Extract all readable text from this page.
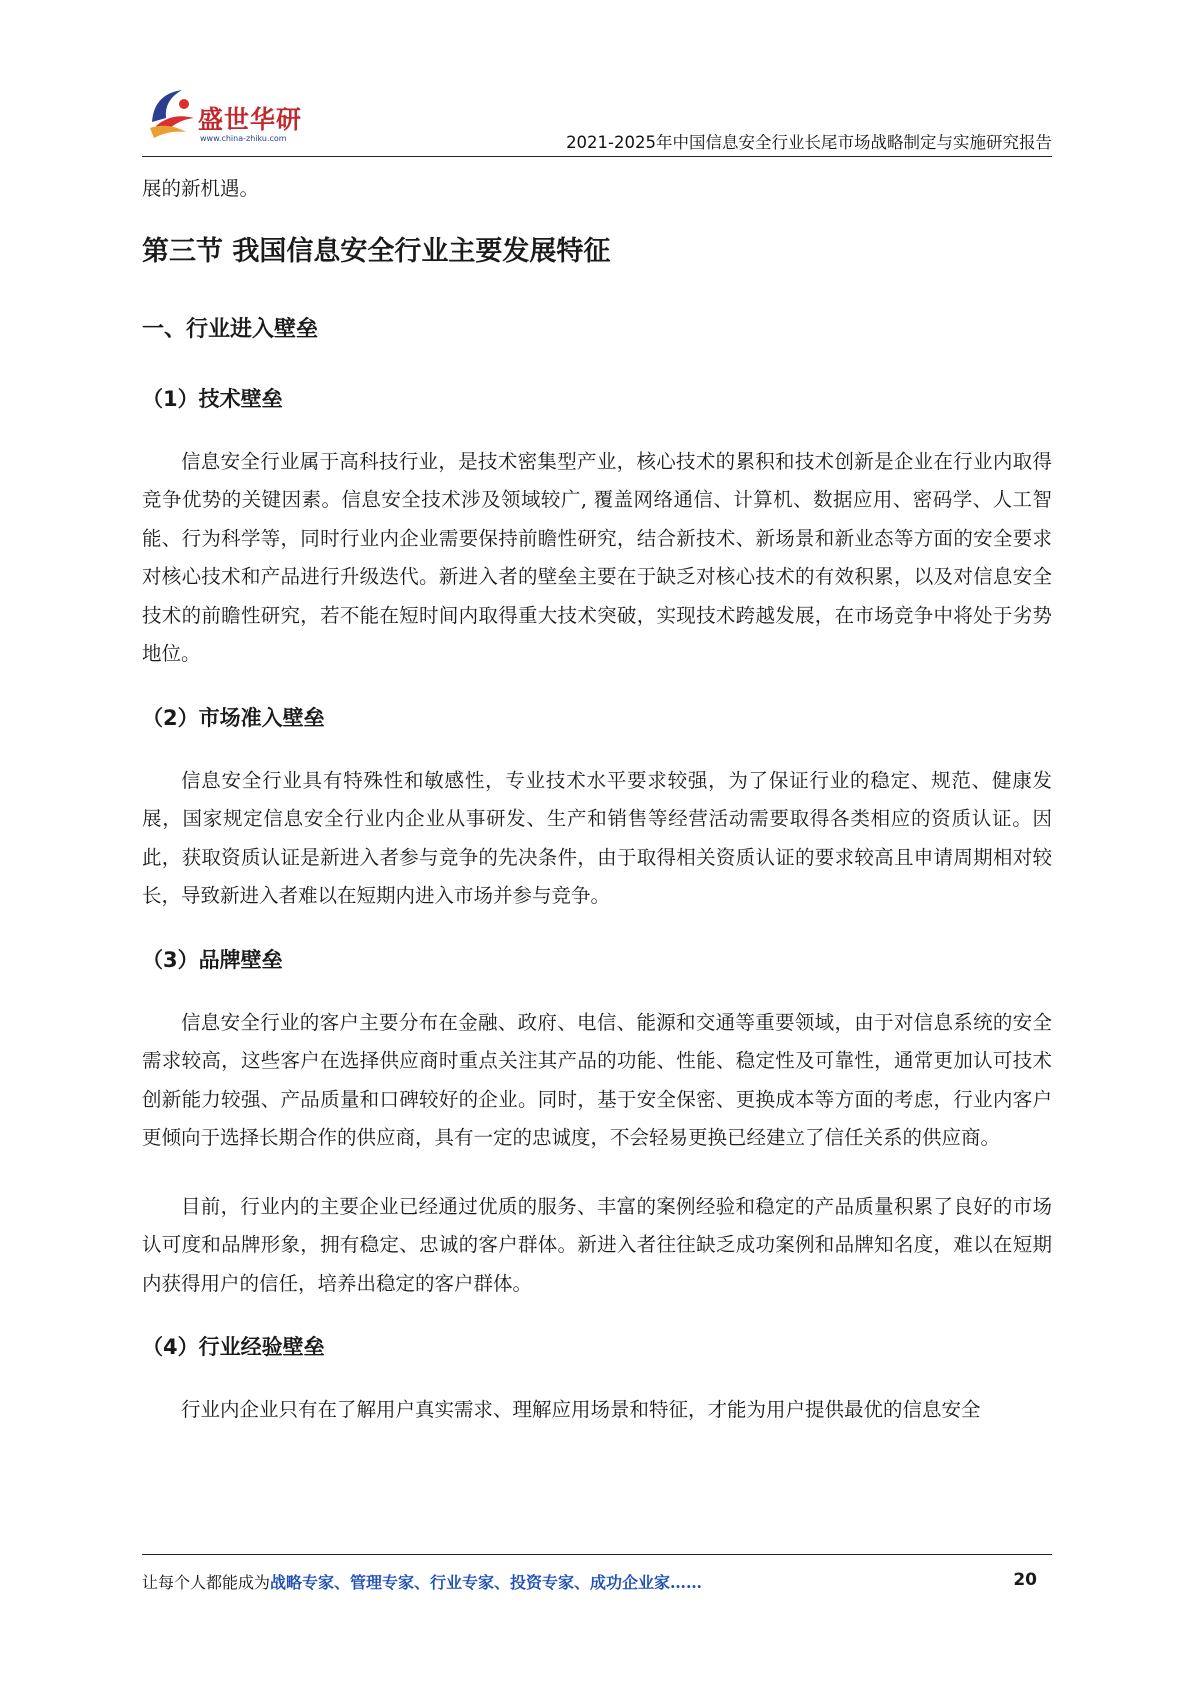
盛世华研
www.china-zhiku.com	2021-2025年中国信息安全行业长尾市场战略制定与实施研究报告

展的新机遇。

第三节 我国信息安全行业主要发展特征
一、行业进入壁垒
（1）技术壁垒

信息安全行业属于高科技行业，是技术密集型产业，核心技术的累积和技术创新是企业在行业内取得竞争优势的关键因素。信息安全技术涉及领域较广, 覆盖网络通信、计算机、数据应用、密码学、人工智能、行为科学等，同时行业内企业需要保持前瞻性研究，结合新技术、新场景和新业态等方面的安全要求对核心技术和产品进行升级迭代。新进入者的壁垒主要在于缺乏对核心技术的有效积累，以及对信息安全技术的前瞻性研究，若不能在短时间内取得重大技术突破，实现技术跨越发展，在市场竞争中将处于劣势地位。

（2）市场准入壁垒

信息安全行业具有特殊性和敏感性，专业技术水平要求较强，为了保证行业的稳定、规范、健康发展，国家规定信息安全行业内企业从事研发、生产和销售等经营活动需要取得各类相应的资质认证。因此，获取资质认证是新进入者参与竞争的先决条件，由于取得相关资质认证的要求较高且申请周期相对较长，导致新进入者难以在短期内进入市场并参与竞争。

（3）品牌壁垒

信息安全行业的客户主要分布在金融、政府、电信、能源和交通等重要领域，由于对信息系统的安全需求较高，这些客户在选择供应商时重点关注其产品的功能、性能、稳定性及可靠性，通常更加认可技术创新能力较强、产品质量和口碑较好的企业。同时，基于安全保密、更换成本等方面的考虑，行业内客户更倾向于选择长期合作的供应商，具有一定的忠诚度，不会轻易更换已经建立了信任关系的供应商。

目前，行业内的主要企业已经通过优质的服务、丰富的案例经验和稳定的产品质量积累了良好的市场认可度和品牌形象，拥有稳定、忠诚的客户群体。新进入者往往缺乏成功案例和品牌知名度，难以在短期内获得用户的信任，培养出稳定的客户群体。

（4）行业经验壁垒

行业内企业只有在了解用户真实需求、理解应用场景和特征，才能为用户提供最优的信息安全

让每个人都能成为战略专家、管理专家、行业专家、投资专家、成功企业家……	20
